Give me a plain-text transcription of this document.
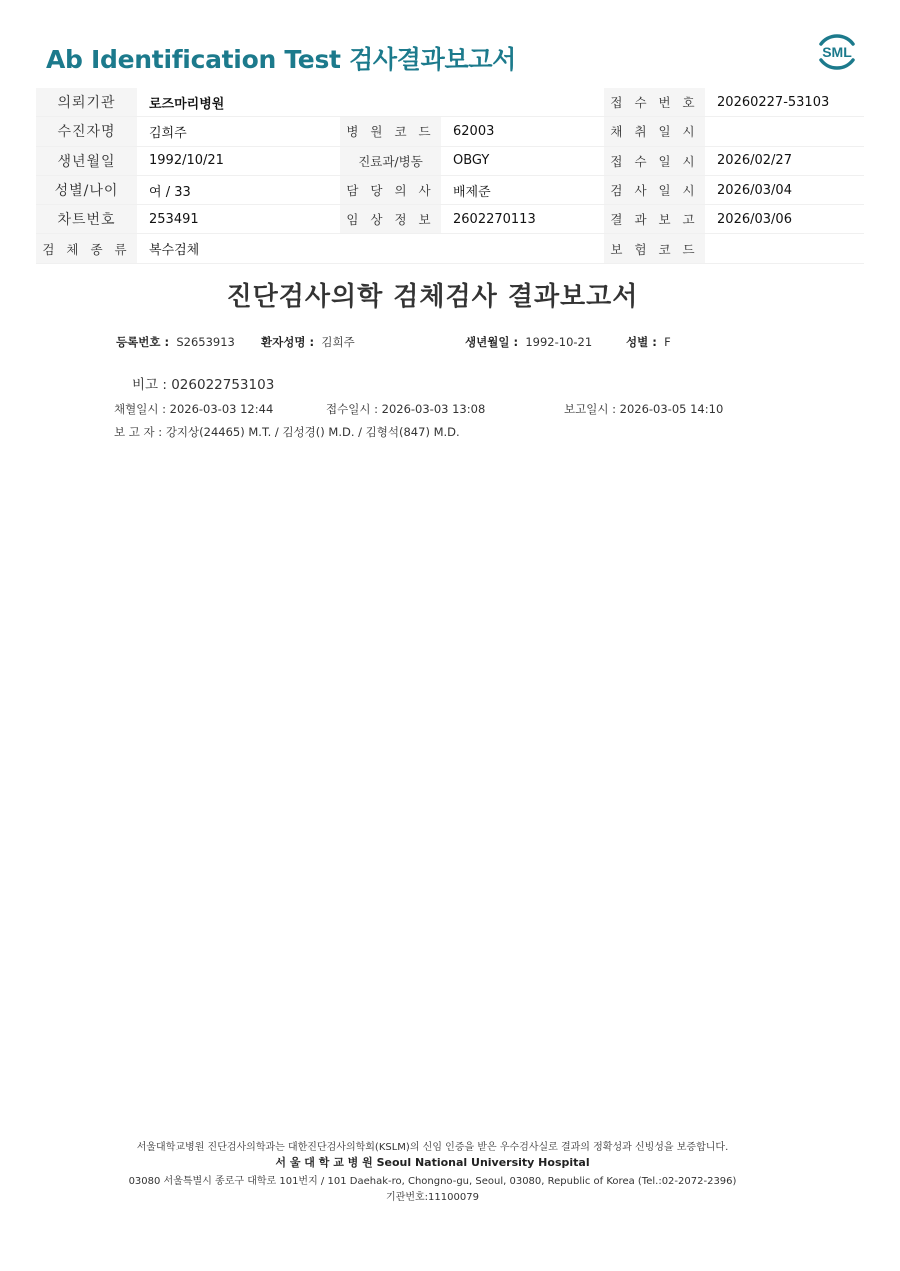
Ab Identification Test 검사결과보고서	SML
의뢰기관	로즈마리병원			접 수 번 호	20260227-53103
수진자명	김희주	병 원 코 드	62003	채 취 일 시	
생년월일	1992/10/21	진료과/병동	OBGY	접 수 일 시	2026/02/27
성별/나이	여 / 33	담 당 의 사	배제준	검 사 일 시	2026/03/04
차트번호	253491	임 상 정 보	2602270113	결 과 보 고	2026/03/06
검 체 종 류	복수검체			보 험 코 드	
진단검사의학 검체검사 결과보고서
등록번호 : S2653913 환자성명 : 김희주	생년월일 : 1992-10-21	성별 : F
비고 : 026022753103
채혈일시 : 2026-03-03 12:44	접수일시 : 2026-03-03 13:08	보고일시 : 2026-03-05 14:10
보 고 자 : 강지상(24465) M.T. / 김성경() M.D. / 김형석(847) M.D.
서울대학교병원 진단검사의학과는 대한진단검사의학회(KSLM)의 신임 인증을 받은 우수검사실로 결과의 정확성과 신빙성을 보증합니다.
서 울 대 학 교 병 원 Seoul National University Hospital
03080 서울특별시 종로구 대학로 101번지 / 101 Daehak-ro, Chongno-gu, Seoul, 03080, Republic of Korea (Tel.:02-2072-2396)
기관번호:11100079
